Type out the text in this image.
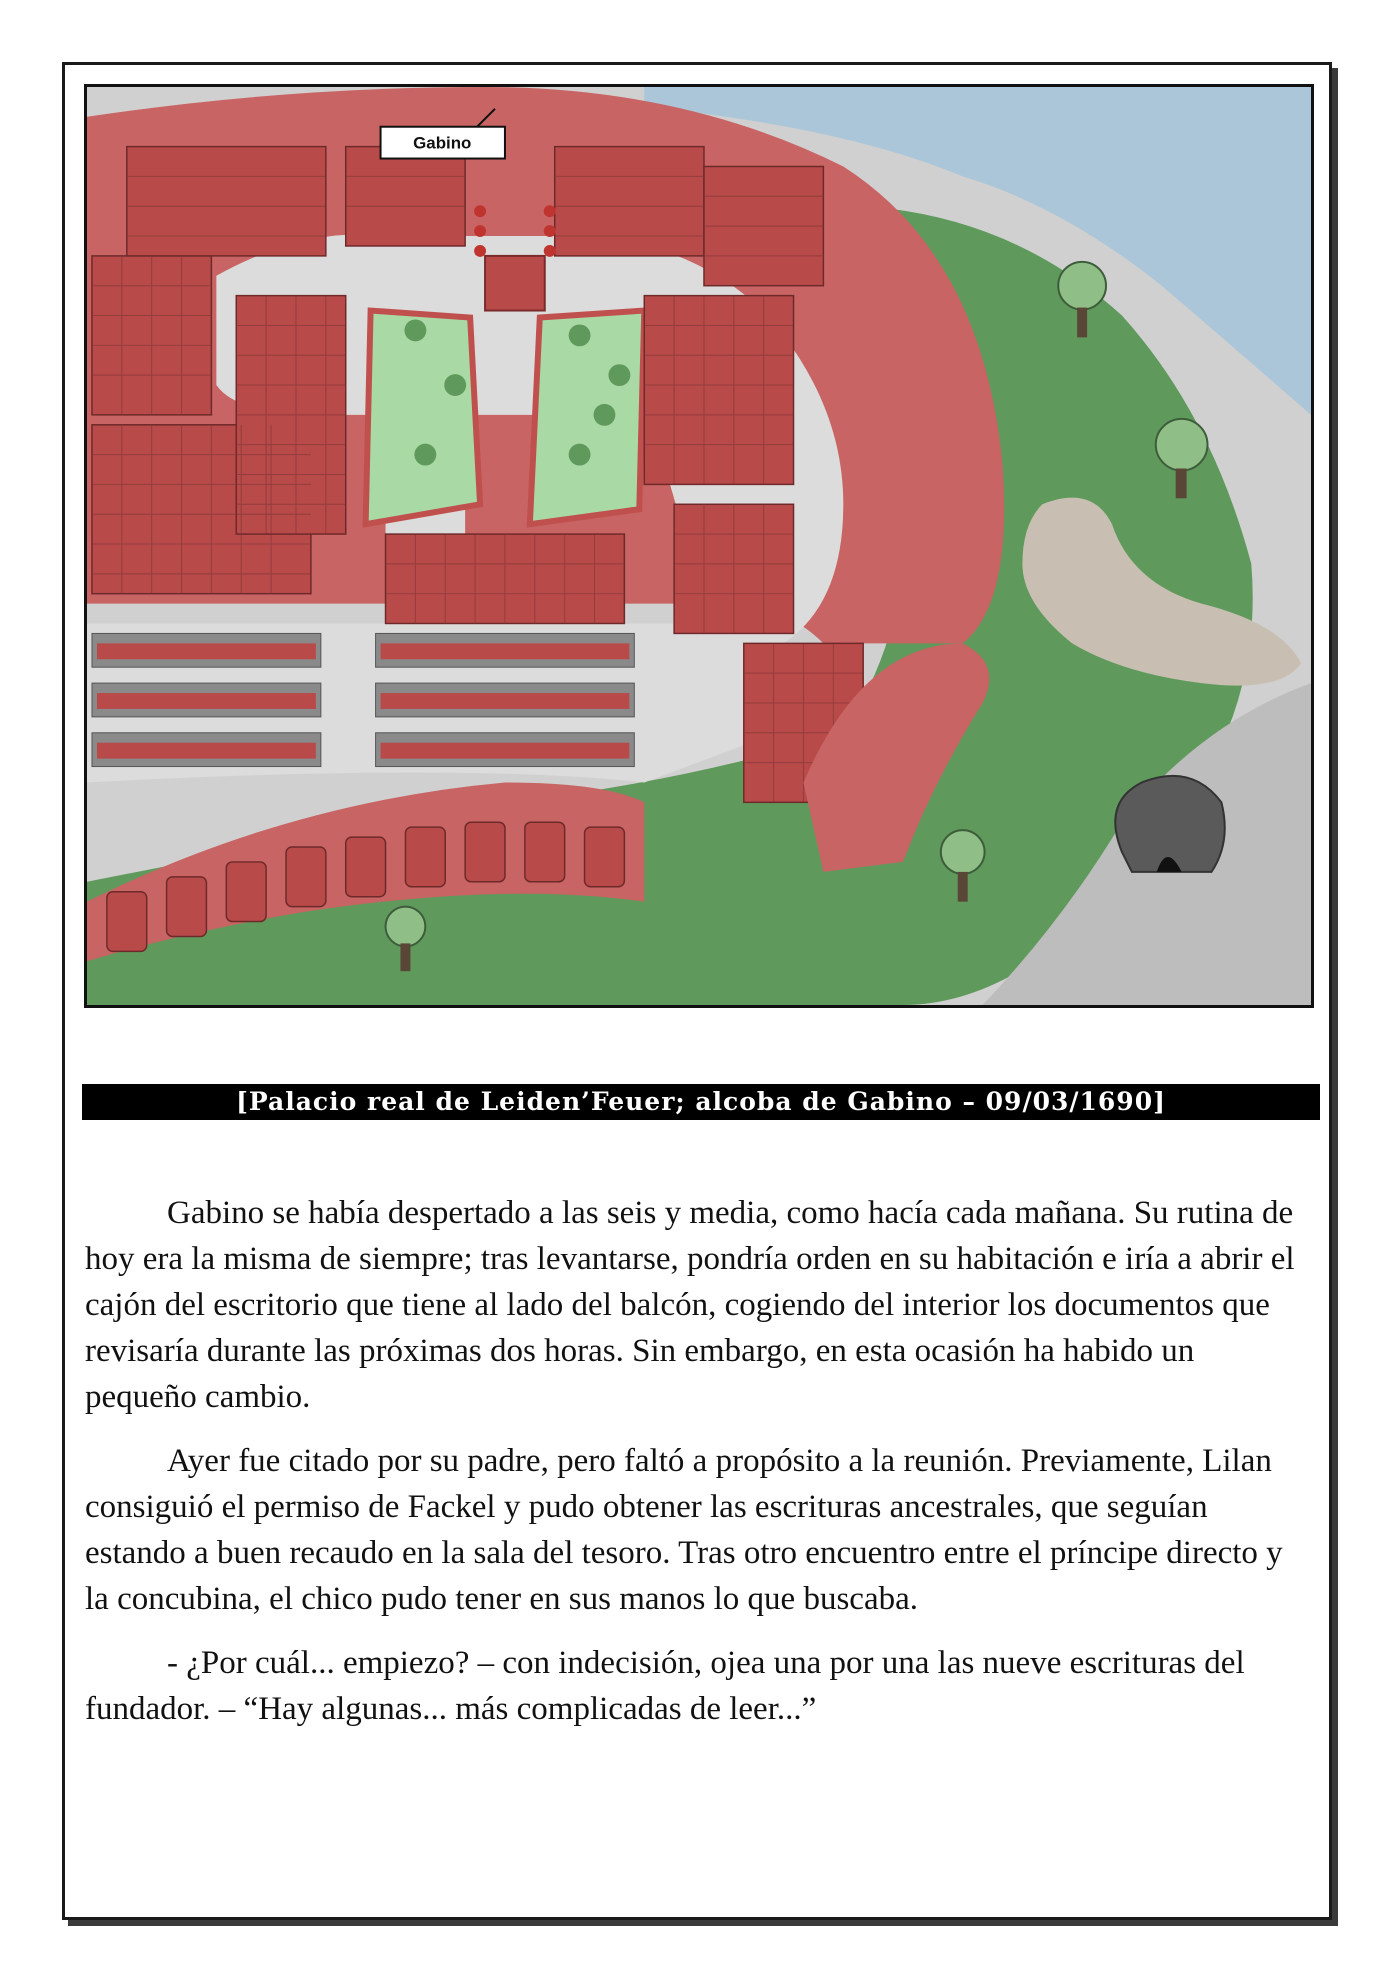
Gabino
[Palacio real de Leiden’Feuer; alcoba de Gabino – 09/03/1690]

Gabino se había despertado a las seis y media, como hacía cada mañana. Su rutina de hoy era la misma de siempre; tras levantarse, pondría orden en su habitación e iría a abrir el cajón del escritorio que tiene al lado del balcón, cogiendo del interior los documentos que revisaría durante las próximas dos horas. Sin embargo, en esta ocasión ha habido un pequeño cambio.

Ayer fue citado por su padre, pero faltó a propósito a la reunión. Previamente, Lilan consiguió el permiso de Fackel y pudo obtener las escrituras ancestrales, que seguían estando a buen recaudo en la sala del tesoro. Tras otro encuentro entre el príncipe directo y la concubina, el chico pudo tener en sus manos lo que buscaba.

- ¿Por cuál... empiezo? – con indecisión, ojea una por una las nueve escrituras del fundador. – “Hay algunas... más complicadas de leer...”
